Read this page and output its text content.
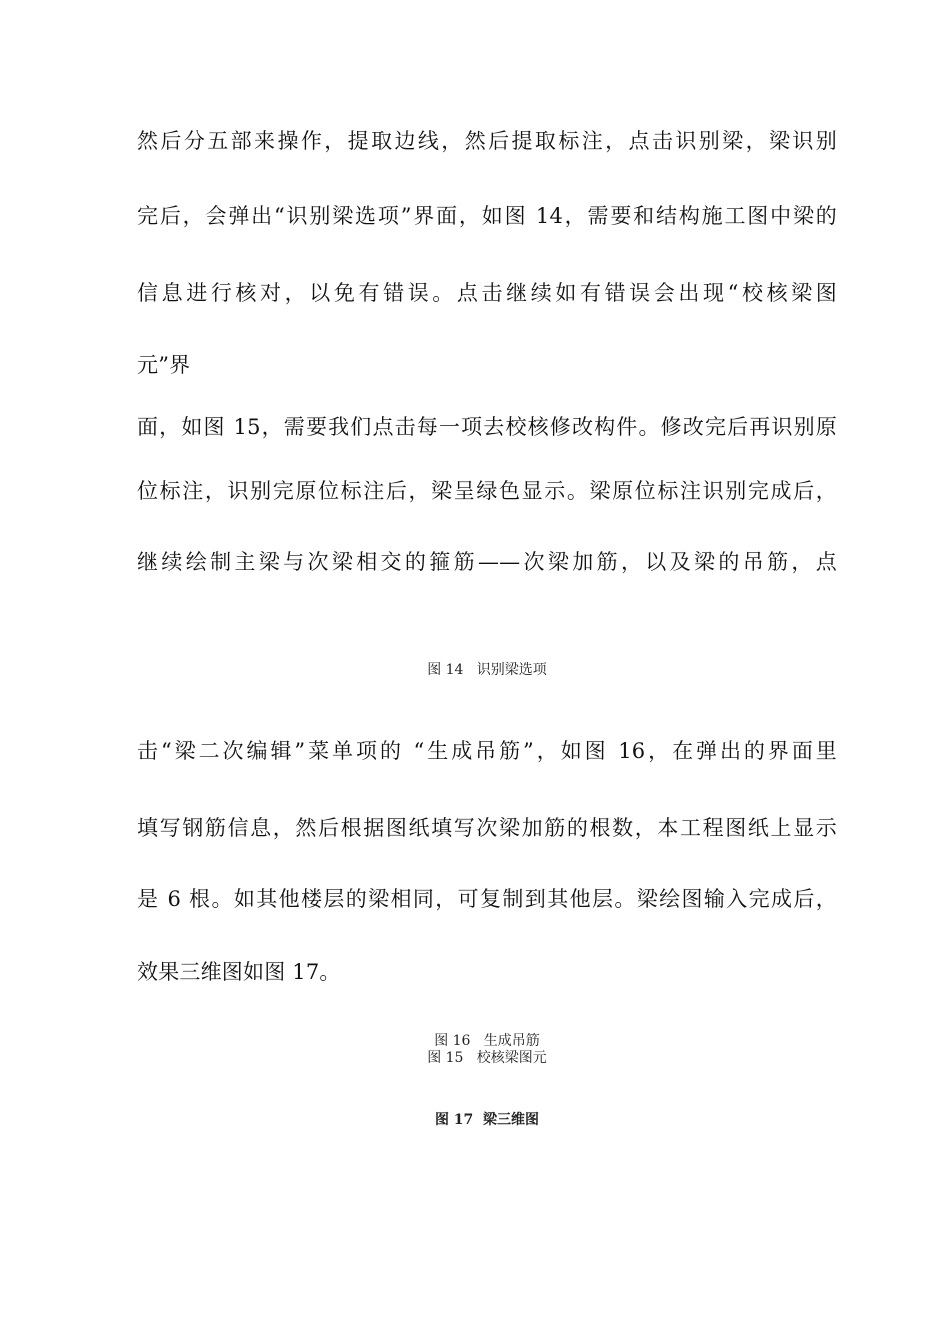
然后分五部来操作，提取边线，然后提取标注，点击识别梁，梁识别
完后，会弹出“识别梁选项”界面，如图 14，需要和结构施工图中梁的
信息进行核对，以免有错误。点击继续如有错误会出现“校核梁图
元”界
面，如图 15，需要我们点击每一项去校核修改构件。修改完后再识别原
位标注，识别完原位标注后，梁呈绿色显示。梁原位标注识别完成后，
继续绘制主梁与次梁相交的箍筋——次梁加筋，以及梁的吊筋，点
图 14   识别梁选项
击“梁二次编辑”菜单项的 “生成吊筋”，如图 16，在弹出的界面里
填写钢筋信息，然后根据图纸填写次梁加筋的根数，本工程图纸上显示
是 6 根。如其他楼层的梁相同，可复制到其他层。梁绘图输入完成后，
效果三维图如图 17。
图 16   生成吊筋
图 15   校核梁图元
图 17  梁三维图
